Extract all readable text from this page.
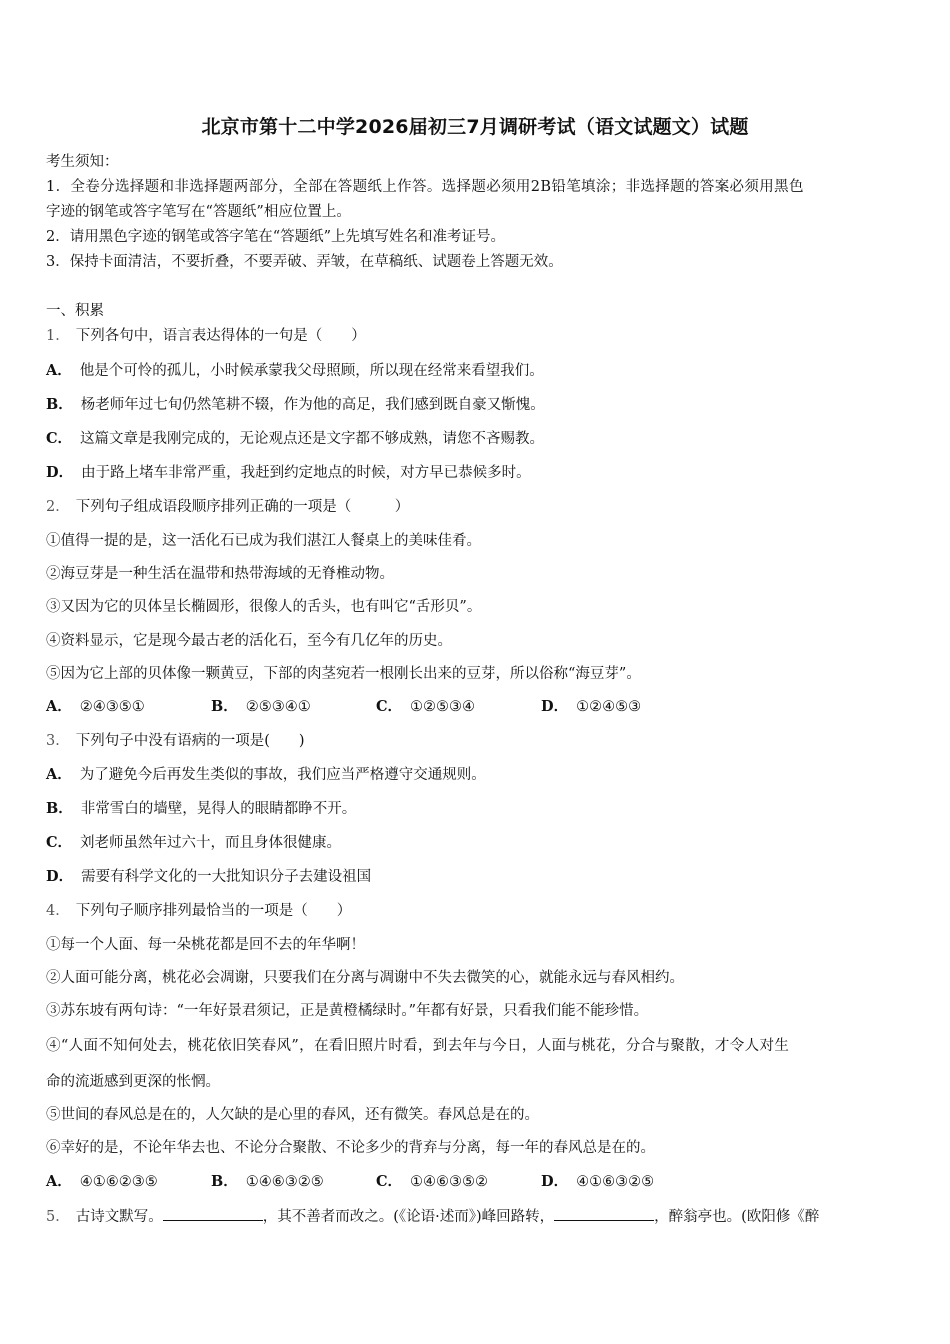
北京市第十二中学2026届初三7月调研考试（语文试题文）试题
考生须知：
1．全卷分选择题和非选择题两部分，全部在答题纸上作答。选择题必须用2B铅笔填涂；非选择题的答案必须用黑色
字迹的钢笔或答字笔写在“答题纸”相应位置上。
2．请用黑色字迹的钢笔或答字笔在“答题纸”上先填写姓名和准考证号。
3．保持卡面清洁，不要折叠，不要弄破、弄皱，在草稿纸、试题卷上答题无效。
一、积累
1． 下列各句中，语言表达得体的一句是（　　）
A． 他是个可怜的孤儿，小时候承蒙我父母照顾，所以现在经常来看望我们。
B． 杨老师年过七旬仍然笔耕不辍，作为他的高足，我们感到既自豪又惭愧。
C． 这篇文章是我刚完成的，无论观点还是文字都不够成熟，请您不吝赐教。
D． 由于路上堵车非常严重，我赶到约定地点的时候，对方早已恭候多时。
2． 下列句子组成语段顺序排列正确的一项是（　　　）
①值得一提的是，这一活化石已成为我们湛江人餐桌上的美味佳肴。
②海豆芽是一种生活在温带和热带海域的无脊椎动物。
③又因为它的贝体呈长椭圆形，很像人的舌头，也有叫它“舌形贝”。
④资料显示，它是现今最古老的活化石，至今有几亿年的历史。
⑤因为它上部的贝体像一颗黄豆，下部的肉茎宛若一根刚长出来的豆芽，所以俗称“海豆芽”。
A． ②④③⑤①	B． ②⑤③④①	C． ①②⑤③④	D． ①②④⑤③
3． 下列句子中没有语病的一项是(　　)
A． 为了避免今后再发生类似的事故，我们应当严格遵守交通规则。
B． 非常雪白的墙壁，晃得人的眼睛都睁不开。
C． 刘老师虽然年过六十，而且身体很健康。
D． 需要有科学文化的一大批知识分子去建设祖国
4． 下列句子顺序排列最恰当的一项是（　　）
①每一个人面、每一朵桃花都是回不去的年华啊！
②人面可能分离，桃花必会凋谢，只要我们在分离与凋谢中不失去微笑的心，就能永远与春风相约。
③苏东坡有两句诗：“一年好景君须记，正是黄橙橘绿时。”年都有好景，只看我们能不能珍惜。
④“人面不知何处去，桃花依旧笑春风”，在看旧照片时看，到去年与今日，人面与桃花，分合与聚散，才令人对生
命的流逝感到更深的怅惘。
⑤世间的春风总是在的，人欠缺的是心里的春风，还有微笑。春风总是在的。
⑥幸好的是，不论年华去也、不论分合聚散、不论多少的背弃与分离，每一年的春风总是在的。
A． ④①⑥②③⑤	B． ①④⑥③②⑤	C． ①④⑥③⑤②	D． ④①⑥③②⑤
5． 古诗文默写。	，其不善者而改之。(《论语·述而》)峰回路转，	，醉翁亭也。(欧阳修《醉
